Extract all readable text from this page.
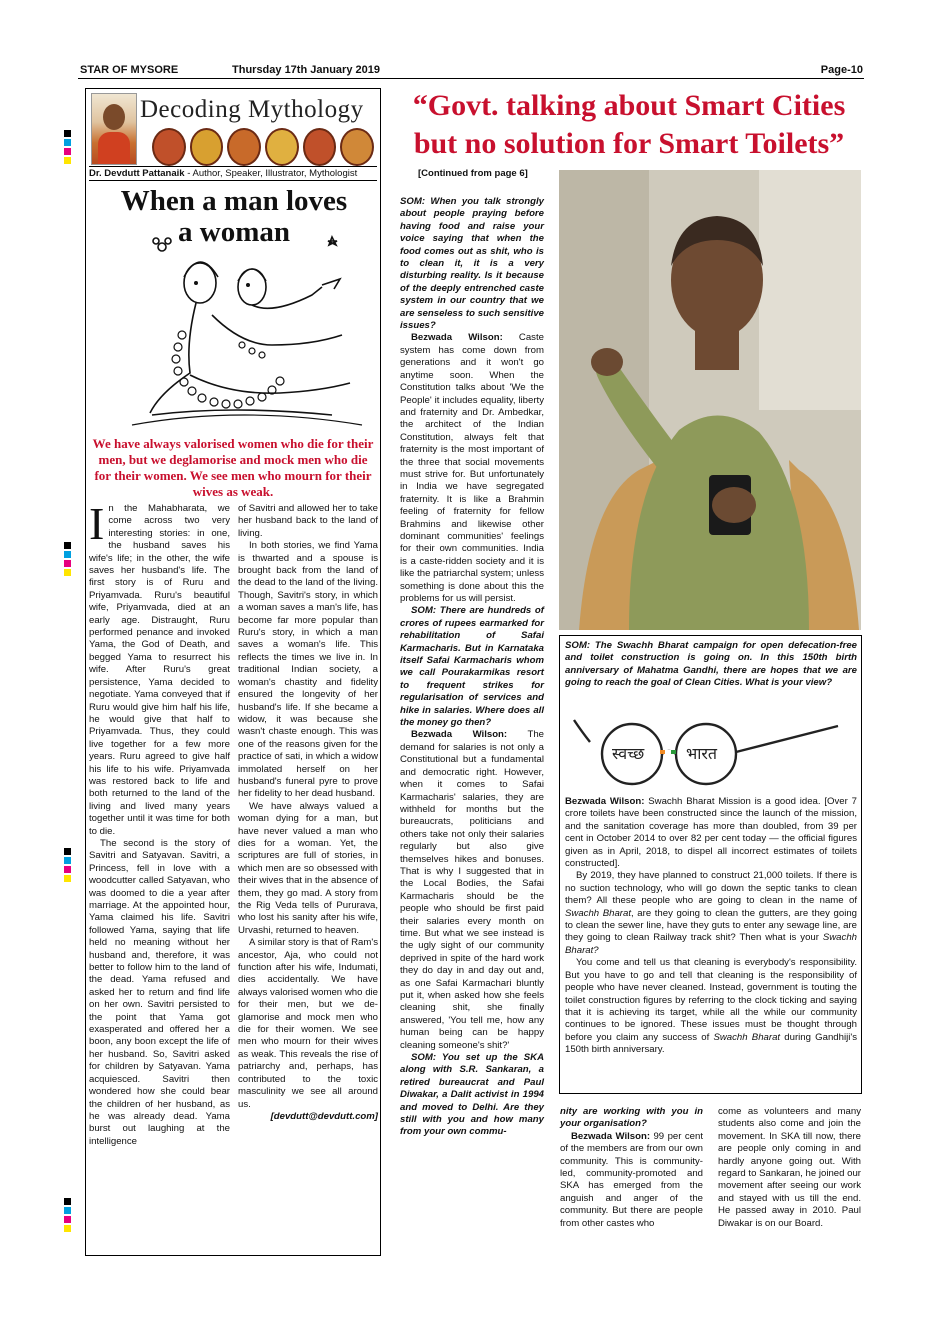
STAR OF MYSORE	Thursday 17th January 2019	Page-10
Decoding Mythology
Dr. Devdutt Pattanaik - Author, Speaker, Illustrator, Mythologist
When a man loves
a woman
We have always valorised women who die for their men, but we deglamorise and mock men who die for their women. We see men who mourn for their wives as weak.

In the Mahabharata, we come across two very interesting stories: in one, the husband saves his wife's life; in the other, the wife saves her husband's life. The first story is of Ruru and Priyamvada. Ruru's beautiful wife, Priyamvada, died at an early age. Distraught, Ruru performed penance and invoked Yama, the God of Death, and begged Yama to resurrect his wife. After Ruru's great persistence, Yama decided to negotiate. Yama conveyed that if Ruru would give him half his life, he would give that half to Priyamvada. Thus, they could live together for a few more years. Ruru agreed to give half his life to his wife. Priyamvada was restored back to life and both returned to the land of the living and lived many years together until it was time for both to die.

The second is the story of Savitri and Satyavan. Savitri, a Princess, fell in love with a woodcutter called Satyavan, who was doomed to die a year after marriage. At the appointed hour, Yama claimed his life. Savitri followed Yama, saying that life held no meaning without her husband and, therefore, it was better to follow him to the land of the dead. Yama refused and asked her to return and find life on her own. Savitri persisted to the point that Yama got exasperated and offered her a boon, any boon except the life of her husband. So, Savitri asked for children by Satyavan. Yama acquiesced. Savitri then wondered how she could bear the children of her husband, as he was already dead. Yama burst out laughing at the intelligence

of Savitri and allowed her to take her husband back to the land of living.

In both stories, we find Yama is thwarted and a spouse is brought back from the land of the dead to the land of the living. Though, Savitri's story, in which a woman saves a man's life, has become far more popular than Ruru's story, in which a man saves a woman's life. This reflects the times we live in. In traditional Indian society, a woman's chastity and fidelity ensured the longevity of her husband's life. If she became a widow, it was because she wasn't chaste enough. This was one of the reasons given for the practice of sati, in which a widow immolated herself on her husband's funeral pyre to prove her fidelity to her dead husband.

We have always valued a woman dying for a man, but have never valued a man who dies for a woman. Yet, the scriptures are full of stories, in which men are so obsessed with their wives that in the absence of them, they go mad. A story from the Rig Veda tells of Pururava, who lost his sanity after his wife, Urvashi, returned to heaven.

A similar story is that of Ram's ancestor, Aja, who could not function after his wife, Indumati, dies accidentally. We have always valorised women who die for their men, but we de-glamorise and mock men who die for their women. We see men who mourn for their wives as weak. This reveals the rise of patriarchy and, perhaps, has contributed to the toxic masculinity we see all around us.

[devdutt@devdutt.com]

“Govt. talking about Smart Cities
but no solution for Smart Toilets”
[Continued from page 6]

SOM: When you talk strongly about people praying before having food and raise your voice saying that when the food comes out as shit, who is to clean it, it is a very disturbing reality. Is it because of the deeply entrenched caste system in our country that we are senseless to such sensitive issues?

Bezwada Wilson: Caste system has come down from generations and it won't go anytime soon. When the Constitution talks about 'We the People' it includes equality, liberty and fraternity and Dr. Ambedkar, the architect of the Indian Constitution, always felt that fraternity is the most important of the three that social movements must strive for. But unfortunately in India we have segregated fraternity. It is like a Brahmin feeling of fraternity for fellow Brahmins and likewise other dominant communities' feelings for their own communities. India is a caste-ridden society and it is like the patriarchal system; unless something is done about this the problems for us will persist.

SOM: There are hundreds of crores of rupees earmarked for rehabilitation of Safai Karmacharis. But in Karnataka itself Safai Karmacharis whom we call Pourakarmikas resort to frequent strikes for regularisation of services and hike in salaries. Where does all the money go then?

Bezwada Wilson: The demand for salaries is not only a Constitutional but a fundamental and democratic right. However, when it comes to Safai Karmacharis' salaries, they are withheld for months but the bureaucrats, politicians and others take not only their salaries regularly but also give themselves hikes and bonuses. That is why I suggested that in the Local Bodies, the Safai Karmacharis should be the people who should be first paid their salaries every month on time. But what we see instead is the ugly sight of our community deprived in spite of the hard work they do day in and day out and, as one Safai Karmachari bluntly put it, when asked how she feels cleaning shit, she finally answered, 'You tell me, how any human being can be happy cleaning someone's shit?'

SOM: You set up the SKA along with S.R. Sankaran, a retired bureaucrat and Paul Diwakar, a Dalit activist in 1994 and moved to Delhi. Are they still with you and how many from your own commu-

SOM: The Swachh Bharat campaign for open defecation-free and toilet construction is going on. In this 150th birth anniversary of Mahatma Gandhi, there are hopes that we are going to reach the goal of Clean Cities. What is your view?
स्वच्छ	भारत

Bezwada Wilson: Swachh Bharat Mission is a good idea. [Over 7 crore toilets have been constructed since the launch of the mission, and the sanitation coverage has more than doubled, from 39 per cent in October 2014 to over 82 per cent today — the official figures given as in April, 2018, to dispel all incorrect estimates of toilets constructed].

By 2019, they have planned to construct 21,000 toilets. If there is no suction technology, who will go down the septic tanks to clean them? All these people who are going to clean in the name of Swachh Bharat, are they going to clean the gutters, are they going to clean the sewer line, have they guts to enter any sewage line, are they going to clean Railway track shit? Then what is your Swachh Bharat?

You come and tell us that cleaning is everybody's responsibility. But you have to go and tell that cleaning is the responsibility of people who have never cleaned. Instead, government is touting the toilet construction figures by referring to the clock ticking and saying that it is achieving its target, while all the while our community continues to be ignored. These issues must be thought through before you claim any success of Swachh Bharat during Gandhiji's 150th birth anniversary.

nity are working with you in your organisation?

Bezwada Wilson: 99 per cent of the members are from our own community. This is community-led, community-promoted and SKA has emerged from the anguish and anger of the community. But there are people from other castes who

come as volunteers and many students also come and join the movement. In SKA till now, there are people only coming in and hardly anyone going out. With regard to Sankaran, he joined our movement after seeing our work and stayed with us till the end. He passed away in 2010. Paul Diwakar is on our Board.
